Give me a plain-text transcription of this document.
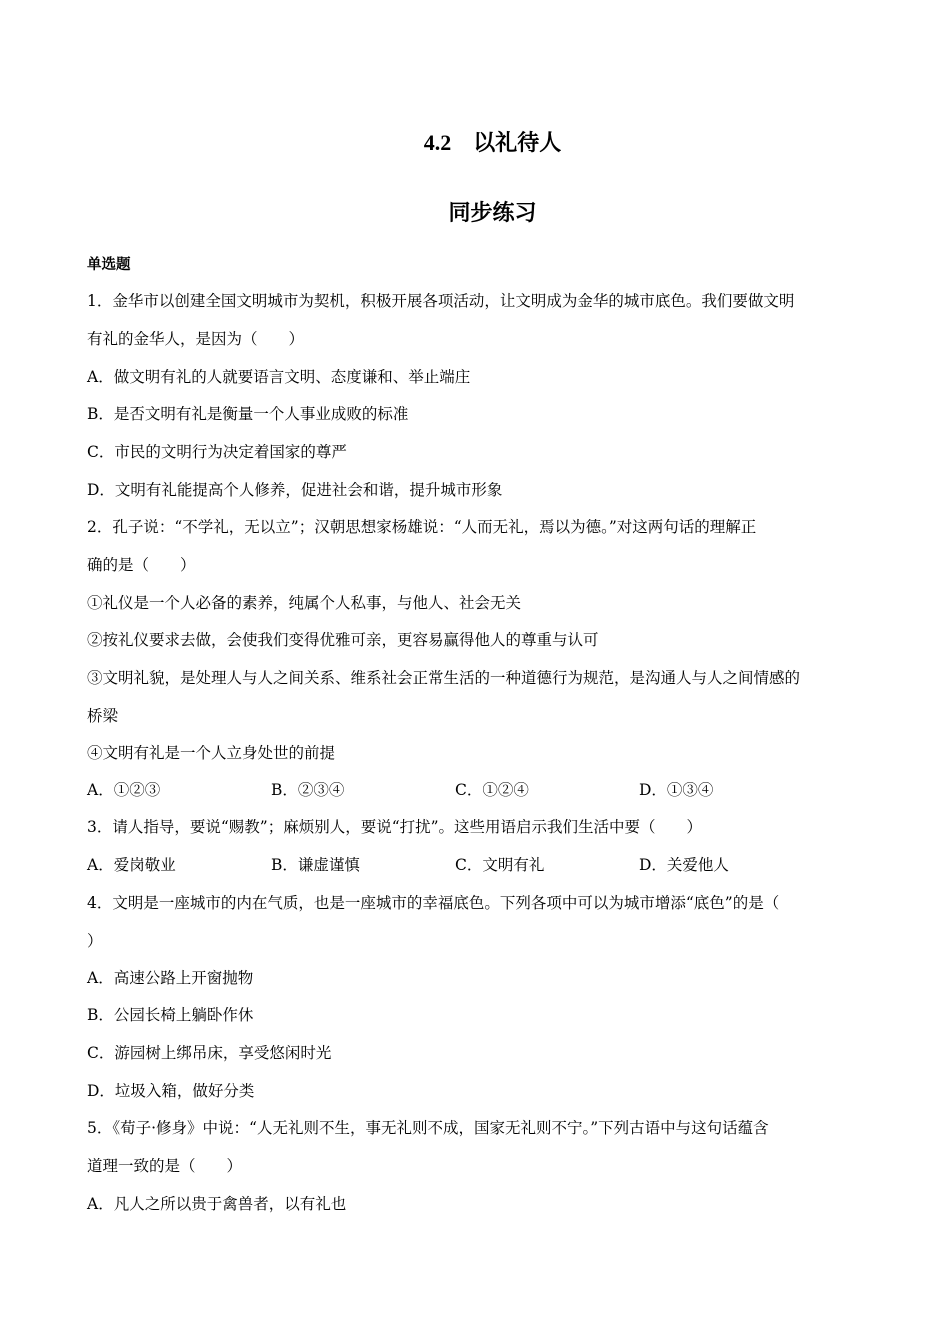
4.2 以礼待人
同步练习
单选题
1．金华市以创建全国文明城市为契机，积极开展各项活动，让文明成为金华的城市底色。我们要做文明
有礼的金华人，是因为（　　）
A．做文明有礼的人就要语言文明、态度谦和、举止端庄
B．是否文明有礼是衡量一个人事业成败的标准
C．市民的文明行为决定着国家的尊严
D．文明有礼能提高个人修养，促进社会和谐，提升城市形象
2．孔子说：“不学礼，无以立”；汉朝思想家杨雄说：“人而无礼，焉以为德。”对这两句话的理解正
确的是（　　）
①礼仪是一个人必备的素养，纯属个人私事，与他人、社会无关
②按礼仪要求去做，会使我们变得优雅可亲，更容易赢得他人的尊重与认可
③文明礼貌，是处理人与人之间关系、维系社会正常生活的一种道德行为规范，是沟通人与人之间情感的
桥梁
④文明有礼是一个人立身处世的前提
A．①②③	B．②③④	C．①②④	D．①③④
3．请人指导，要说“赐教”；麻烦别人，要说“打扰”。这些用语启示我们生活中要（　　）
A．爱岗敬业	B．谦虚谨慎	C．文明有礼	D．关爱他人
4．文明是一座城市的内在气质，也是一座城市的幸福底色。下列各项中可以为城市增添“底色”的是（
）
A．高速公路上开窗抛物
B．公园长椅上躺卧作休
C．游园树上绑吊床，享受悠闲时光
D．垃圾入箱，做好分类
5．《荀子·修身》中说：“人无礼则不生，事无礼则不成，国家无礼则不宁。”下列古语中与这句话蕴含
道理一致的是（　　）
A．凡人之所以贵于禽兽者，以有礼也
